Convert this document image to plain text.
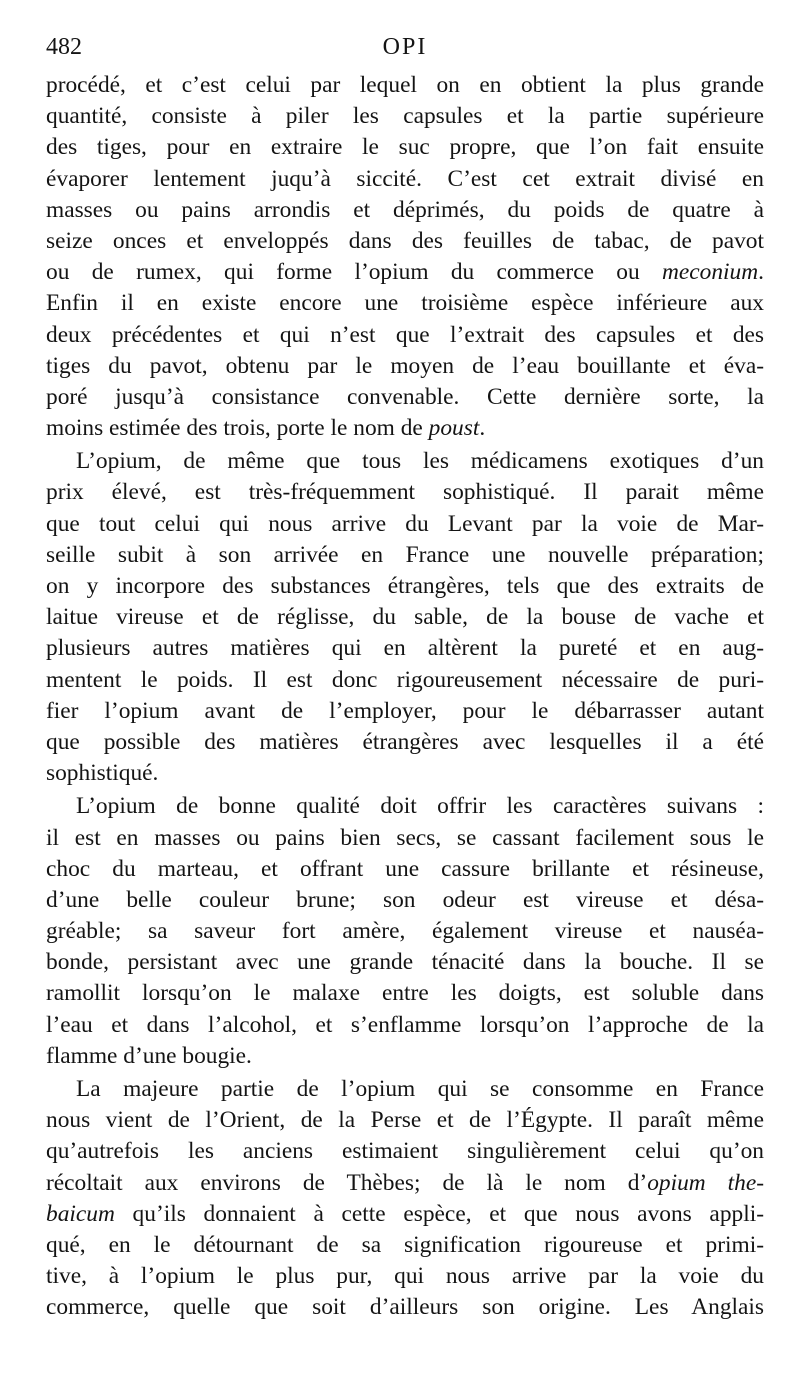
482	OPI
procédé, et c’est celui par lequel on en obtient la plus grande
quantité, consiste à piler les capsules et la partie supérieure
des tiges, pour en extraire le suc propre, que l’on fait ensuite
évaporer lentement juqu’à siccité. C’est cet extrait divisé en
masses ou pains arrondis et déprimés, du poids de quatre à
seize onces et enveloppés dans des feuilles de tabac, de pavot
ou de rumex, qui forme l’opium du commerce ou meconium.
Enfin il en existe encore une troisième espèce inférieure aux
deux précédentes et qui n’est que l’extrait des capsules et des
tiges du pavot, obtenu par le moyen de l’eau bouillante et éva-
poré jusqu’à consistance convenable. Cette dernière sorte, la
moins estimée des trois, porte le nom de poust.
L’opium, de même que tous les médicamens exotiques d’un
prix élevé, est très-fréquemment sophistiqué. Il parait même
que tout celui qui nous arrive du Levant par la voie de Mar-
seille subit à son arrivée en France une nouvelle préparation;
on y incorpore des substances étrangères, tels que des extraits de
laitue vireuse et de réglisse, du sable, de la bouse de vache et
plusieurs autres matières qui en altèrent la pureté et en aug-
mentent le poids. Il est donc rigoureusement nécessaire de puri-
fier l’opium avant de l’employer, pour le débarrasser autant
que possible des matières étrangères avec lesquelles il a été
sophistiqué.
L’opium de bonne qualité doit offrir les caractères suivans :
il est en masses ou pains bien secs, se cassant facilement sous le
choc du marteau, et offrant une cassure brillante et résineuse,
d’une belle couleur brune; son odeur est vireuse et désa-
gréable; sa saveur fort amère, également vireuse et nauséa-
bonde, persistant avec une grande ténacité dans la bouche. Il se
ramollit lorsqu’on le malaxe entre les doigts, est soluble dans
l’eau et dans l’alcohol, et s’enflamme lorsqu’on l’approche de la
flamme d’une bougie.
La majeure partie de l’opium qui se consomme en France
nous vient de l’Orient, de la Perse et de l’Égypte. Il paraît même
qu’autrefois les anciens estimaient singulièrement celui qu’on
récoltait aux environs de Thèbes; de là le nom d’opium the-
baicum qu’ils donnaient à cette espèce, et que nous avons appli-
qué, en le détournant de sa signification rigoureuse et primi-
tive, à l’opium le plus pur, qui nous arrive par la voie du
commerce, quelle que soit d’ailleurs son origine. Les Anglais
